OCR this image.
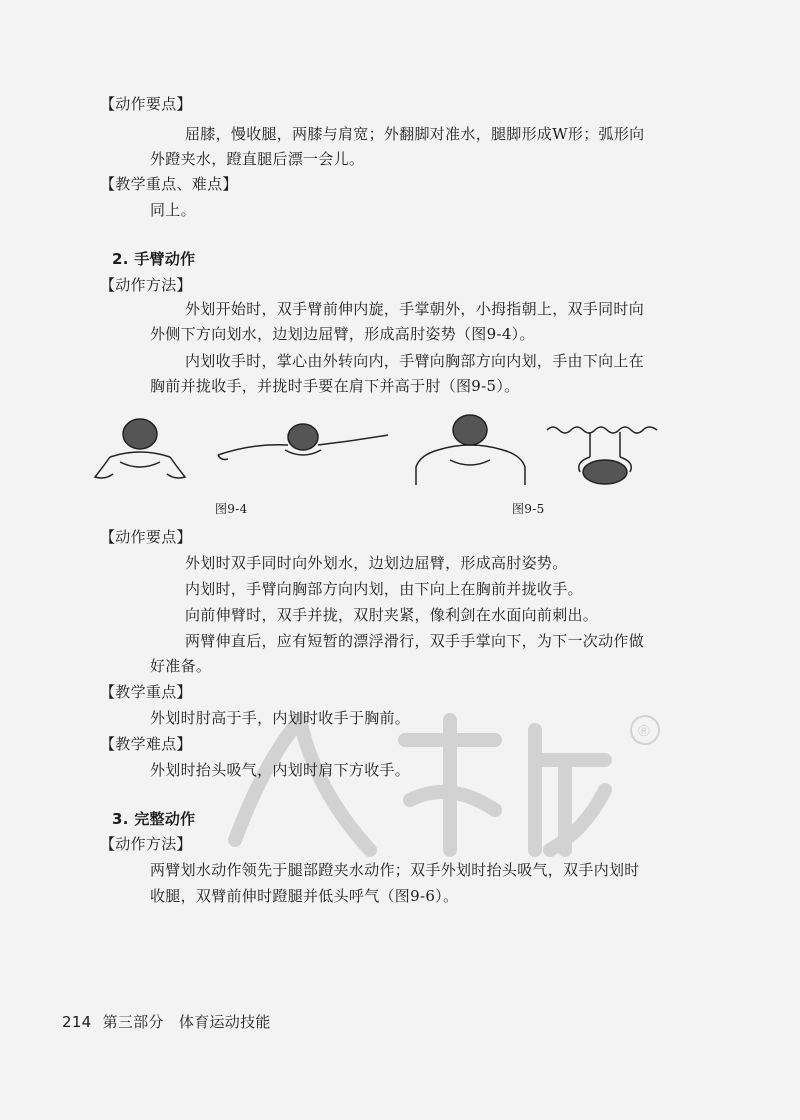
®
【动作要点】
屈膝，慢收腿，两膝与肩宽；外翻脚对准水，腿脚形成W形；弧形向
外蹬夹水，蹬直腿后漂一会儿。
【教学重点、难点】
同上。
2. 手臂动作
【动作方法】
外划开始时，双手臂前伸内旋，手掌朝外，小拇指朝上，双手同时向
外侧下方向划水，边划边屈臂，形成高肘姿势（图9-4）。
内划收手时，掌心由外转向内，手臂向胸部方向内划，手由下向上在
胸前并拢收手，并拢时手要在肩下并高于肘（图9-5）。
图9-4	图9-5
【动作要点】
外划时双手同时向外划水，边划边屈臂，形成高肘姿势。
内划时，手臂向胸部方向内划，由下向上在胸前并拢收手。
向前伸臂时，双手并拢，双肘夹紧，像利剑在水面向前刺出。
两臂伸直后，应有短暂的漂浮滑行，双手手掌向下，为下一次动作做
好准备。
【教学重点】
外划时肘高于手，内划时收手于胸前。
【教学难点】
外划时抬头吸气，内划时肩下方收手。
3. 完整动作
【动作方法】
两臂划水动作领先于腿部蹬夹水动作；双手外划时抬头吸气，双手内划时
收腿，双臂前伸时蹬腿并低头呼气（图9-6）。
214 第三部分 体育运动技能
